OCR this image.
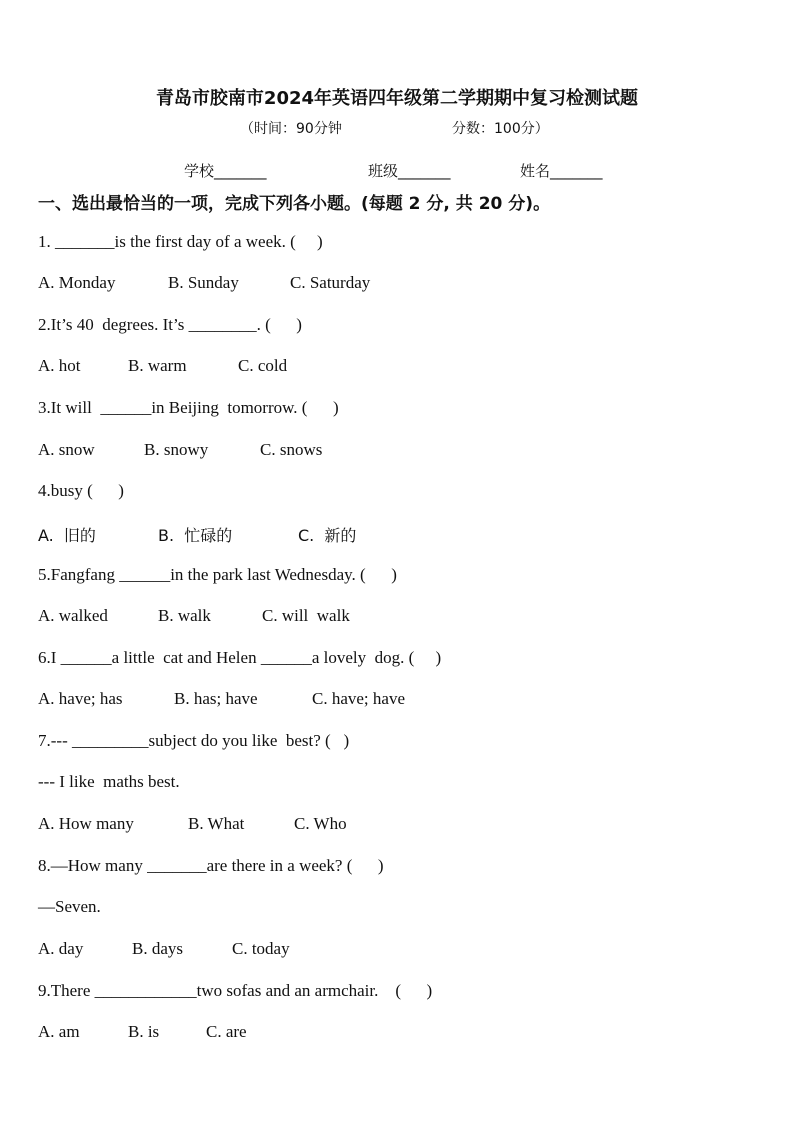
青岛市胶南市2024年英语四年级第二学期期中复习检测试题
（时间：90分钟	分数：100分）
学校_______	班级_______	姓名_______
一、选出最恰当的一项，完成下列各小题。(每题 2 分, 共 20 分)。
1. _______is the first day of a week. (     )
A. Monday	B. Sunday	C. Saturday
2.It’s 40  degrees. It’s ________. (      )
A. hot	B. warm	C. cold
3.It will  ______in Beijing  tomorrow. (      )
A. snow	B. snowy	C. snows
4.busy (      )
A.  旧的	B.  忙碌的	C.  新的
5.Fangfang ______in the park last Wednesday. (      )
A. walked	B. walk	C. will  walk
6.I ______a little  cat and Helen ______a lovely  dog. (     )
A. have; has	B. has; have	C. have; have
7.--- _________subject do you like  best? (   )
--- I like  maths best.
A. How many	B. What	C. Who
8.—How many _______are there in a week? (      )
—Seven.
A. day	B. days	C. today
9.There ____________two sofas and an armchair.    (      )
A. am	B. is	C. are
